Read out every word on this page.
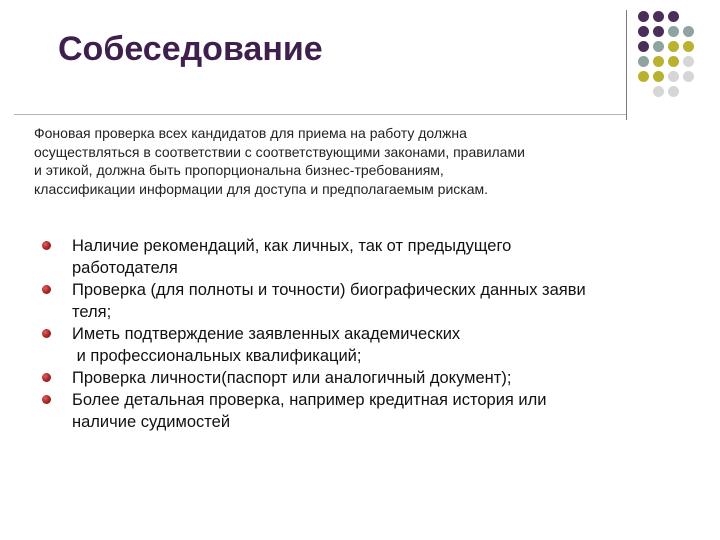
Собеседование
Фоновая проверка всех кандидатов для приема на работу должна
осуществляться в соответствии с соответствующими законами, правилами
и этикой, должна быть пропорциональна бизнес-требованиям,
классификации информации для доступа и предполагаемым рискам.
Наличие рекомендаций, как личных, так от предыдущего
работодателя
Проверка (для полноты и точности) биографических данных заяви
теля;
Иметь подтверждение заявленных академических
и профессиональных квалификаций;
Проверка личности(паспорт или аналогичный документ);
Более детальная проверка, например кредитная история или
наличие судимостей
